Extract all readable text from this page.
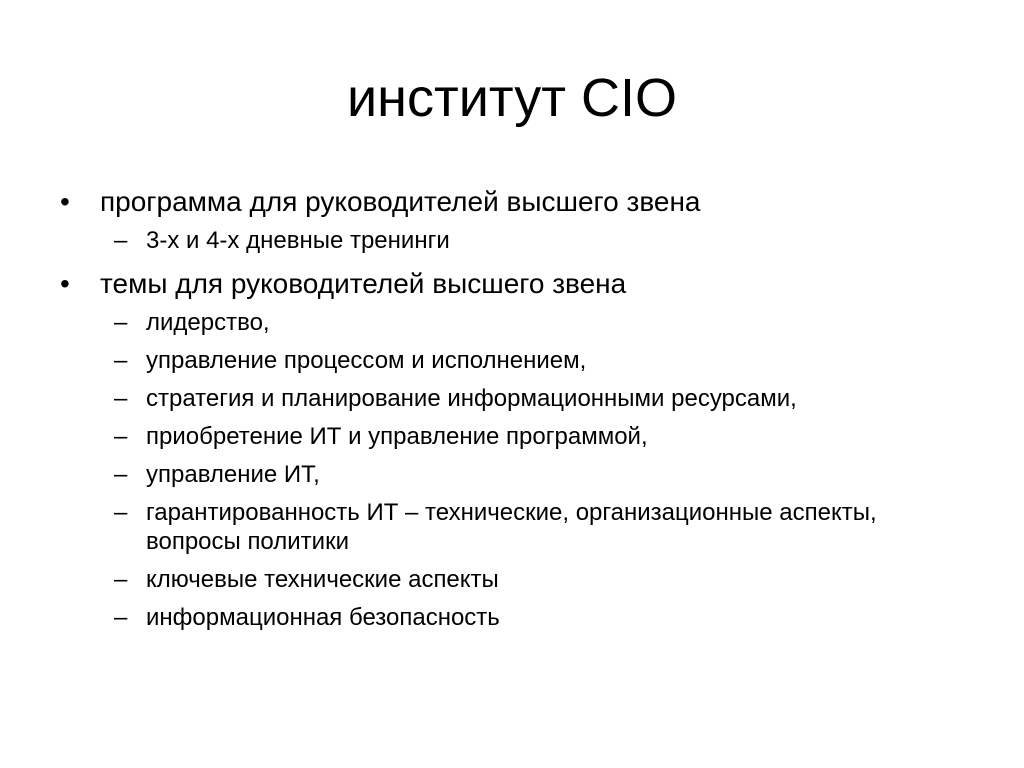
институт CIO
•	программа для руководителей высшего звена
– 3-х и 4-х дневные тренинги
•	темы для руководителей высшего звена
– лидерство,
– управление процессом и исполнением,
– стратегия и планирование информационными ресурсами,
– приобретение ИТ и управление программой,
– управление ИТ,
– гарантированность ИТ – технические, организационные аспекты, вопросы политики
– ключевые технические аспекты
– информационная безопасность
